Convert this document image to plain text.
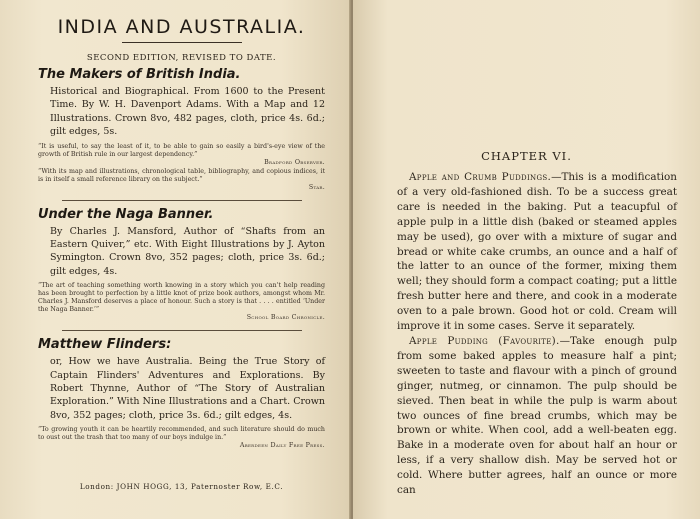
INDIA AND AUSTRALIA.
SECOND EDITION, REVISED TO DATE.
The Makers of British India.
Historical and Biographical. From 1600 to the Present Time. By W. H. Davenport Adams. With a Map and 12 Illustrations. Crown 8vo, 482 pages, cloth, price 4s. 6d.; gilt edges, 5s.
“It is useful, to say the least of it, to be able to gain so easily a bird's-eye view of the growth of British rule in our largest dependency.”
Bradford Observer.
“With its map and illustrations, chronological table, bibliography, and copious indices, it is in itself a small reference library on the subject.”
Star.
Under the Naga Banner.
By Charles J. Mansford, Author of “Shafts from an Eastern Quiver,” etc. With Eight Illustrations by J. Ayton Symington. Crown 8vo, 352 pages; cloth, price 3s. 6d.; gilt edges, 4s.
“The art of teaching something worth knowing in a story which you can't help reading has been brought to perfection by a little knot of prize book authors, amongst whom Mr. Charles J. Mansford deserves a place of honour. Such a story is that . . . . entitled ‘Under the Naga Banner.’”
School Board Chronicle.
Matthew Flinders:
or, How we have Australia. Being the True Story of Captain Flinders' Adventures and Explorations. By Robert Thynne, Author of “The Story of Australian Exploration.” With Nine Illustrations and a Chart. Crown 8vo, 352 pages; cloth, price 3s. 6d.; gilt edges, 4s.
“To growing youth it can be heartily recommended, and such literature should do much to oust out the trash that too many of our boys indulge in.”
Aberdeen Daily Free Press.
London: JOHN HOGG, 13, Paternoster Row, E.C.
CHAPTER VI.

Apple and Crumb Puddings.—This is a modification of a very old-fashioned dish. To be a success great care is needed in the baking. Put a teacupful of apple pulp in a little dish (baked or steamed apples may be used), go over with a mixture of sugar and bread or white cake crumbs, an ounce and a half of the latter to an ounce of the former, mixing them well; they should form a compact coating; put a little fresh butter here and there, and cook in a moderate oven to a pale brown. Good hot or cold. Cream will improve it in some cases. Serve it separately.

Apple Pudding (Favourite).—Take enough pulp from some baked apples to measure half a pint; sweeten to taste and flavour with a pinch of ground ginger, nutmeg, or cinnamon. The pulp should be sieved. Then beat in while the pulp is warm about two ounces of fine bread crumbs, which may be brown or white. When cool, add a well-beaten egg. Bake in a moderate oven for about half an hour or less, if a very shallow dish. May be served hot or cold. Where butter agrees, half an ounce or more can
